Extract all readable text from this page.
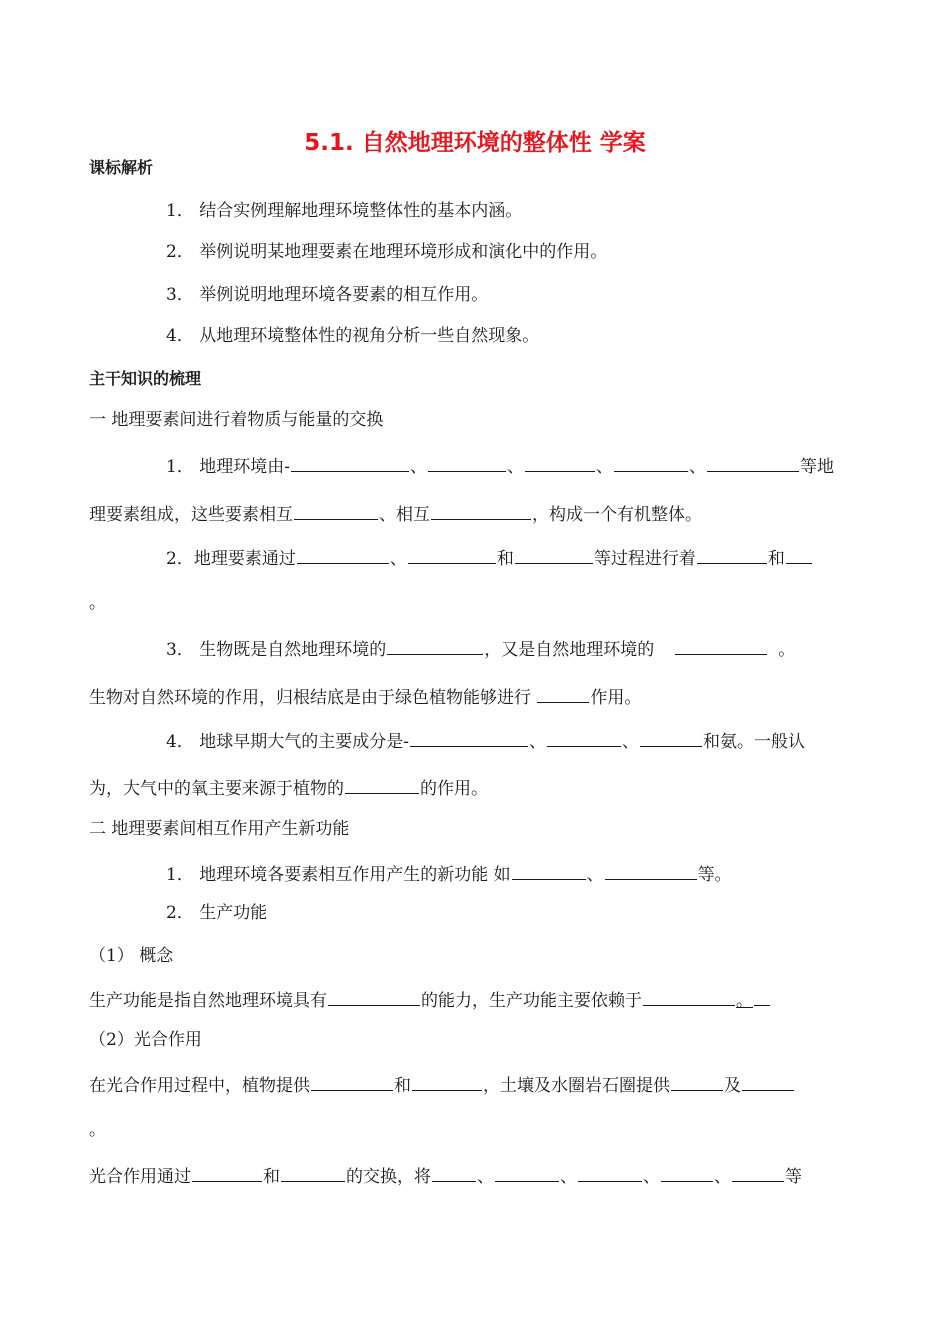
5.1. 自然地理环境的整体性 学案
课标解析
1． 结合实例理解地理环境整体性的基本内涵。
2． 举例说明某地理要素在地理环境形成和演化中的作用。
3． 举例说明地理环境各要素的相互作用。
4． 从地理环境整体性的视角分析一些自然现象。
主干知识的梳理
一 地理要素间进行着物质与能量的交换
1． 地理环境由-	、	、	、	、	等地
理要素组成，这些要素相互	、相互	，构成一个有机整体。
2．地理要素通过	、	和	等过程进行着	和
。
3． 生物既是自然地理环境的	，又是自然地理环境的	。
生物对自然环境的作用，归根结底是由于绿色植物能够进行	作用。
4． 地球早期大气的主要成分是-	、	、	和氨。一般认
为，大气中的氧主要来源于植物的	的作用。
二 地理要素间相互作用产生新功能
1． 地理环境各要素相互作用产生的新功能 如	、	等。
2． 生产功能
（1） 概念
生产功能是指自然地理环境具有	的能力，生产功能主要依赖于	。
（2）光合作用
在光合作用过程中，植物提供	和	，土壤及水圈岩石圈提供	及
。
光合作用通过	和	的交换，将	、	、	、	、	等
